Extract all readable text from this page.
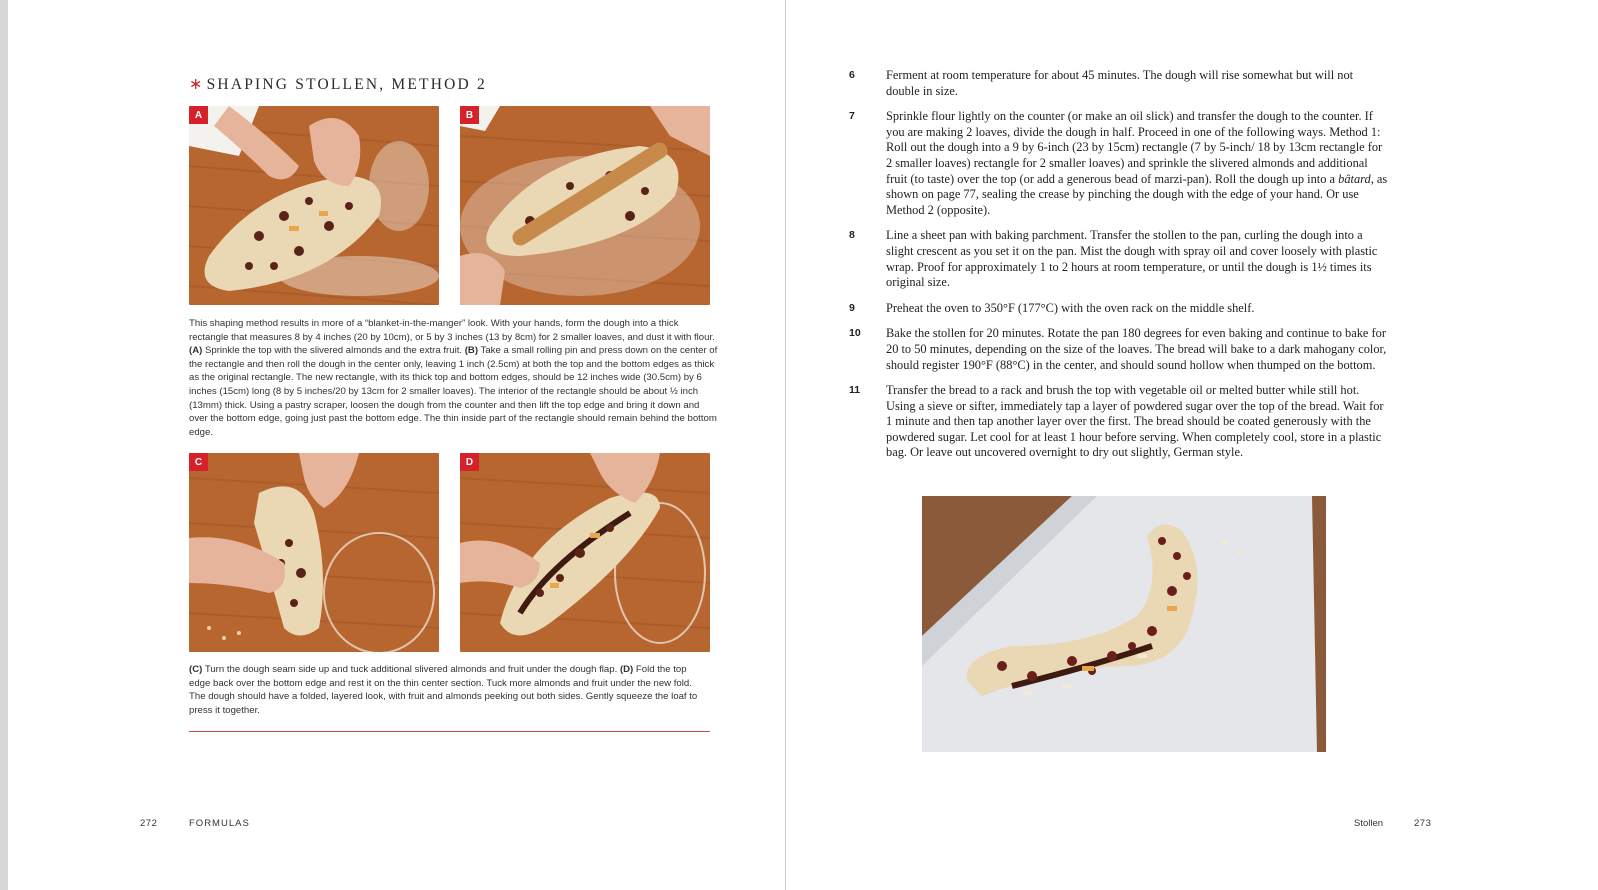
∗ SHAPING STOLLEN, METHOD 2
A	B
This shaping method results in more of a “blanket-in-the-manger” look. With your hands, form the dough into a thick rectangle that measures 8 by 4 inches (20 by 10cm), or 5 by 3 inches (13 by 8cm) for 2 smaller loaves, and dust it with flour. (A) Sprinkle the top with the slivered almonds and the extra fruit. (B) Take a small rolling pin and press down on the center of the rectangle and then roll the dough in the center only, leaving 1 inch (2.5cm) at both the top and the bottom edges as thick as the original rectangle. The new rectangle, with its thick top and bottom edges, should be 12 inches wide (30.5cm) by 6 inches (15cm) long (8 by 5 inches/20 by 13cm for 2 smaller loaves). The interior of the rectangle should be about ½ inch (13mm) thick. Using a pastry scraper, loosen the dough from the counter and then lift the top edge and bring it down and over the bottom edge, going just past the bottom edge. The thin inside part of the rectangle should remain behind the bottom edge.
C	D
(C) Turn the dough seam side up and tuck additional slivered almonds and fruit under the dough flap. (D) Fold the top edge back over the bottom edge and rest it on the thin center section. Tuck more almonds and fruit under the new fold. The dough should have a folded, layered look, with fruit and almonds peeking out both sides. Gently squeeze the loaf to press it together.
272	FORMULAS
6	Ferment at room temperature for about 45 minutes. The dough will rise somewhat but will not double in size.
7	Sprinkle flour lightly on the counter (or make an oil slick) and transfer the dough to the counter. If you are making 2 loaves, divide the dough in half. Proceed in one of the following ways. Method 1: Roll out the dough into a 9 by 6-inch (23 by 15cm) rectangle (7 by 5-inch/ 18 by 13cm rectangle for 2 smaller loaves) rectangle for 2 smaller loaves) and sprinkle the slivered almonds and additional fruit (to taste) over the top (or add a generous bead of marzi-pan). Roll the dough up into a bâtard, as shown on page 77, sealing the crease by pinching the dough with the edge of your hand. Or use Method 2 (opposite).
8	Line a sheet pan with baking parchment. Transfer the stollen to the pan, curling the dough into a slight crescent as you set it on the pan. Mist the dough with spray oil and cover loosely with plastic wrap. Proof for approximately 1 to 2 hours at room temperature, or until the dough is 1½ times its original size.
9	Preheat the oven to 350°F (177°C) with the oven rack on the middle shelf.
10	Bake the stollen for 20 minutes. Rotate the pan 180 degrees for even baking and continue to bake for 20 to 50 minutes, depending on the size of the loaves. The bread will bake to a dark mahogany color, should register 190°F (88°C) in the center, and should sound hollow when thumped on the bottom.
11	Transfer the bread to a rack and brush the top with vegetable oil or melted butter while still hot. Using a sieve or sifter, immediately tap a layer of powdered sugar over the top of the bread. Wait for 1 minute and then tap another layer over the first. The bread should be coated generously with the powdered sugar. Let cool for at least 1 hour before serving. When completely cool, store in a plastic bag. Or leave out uncovered overnight to dry out slightly, German style.
Stollen	273
